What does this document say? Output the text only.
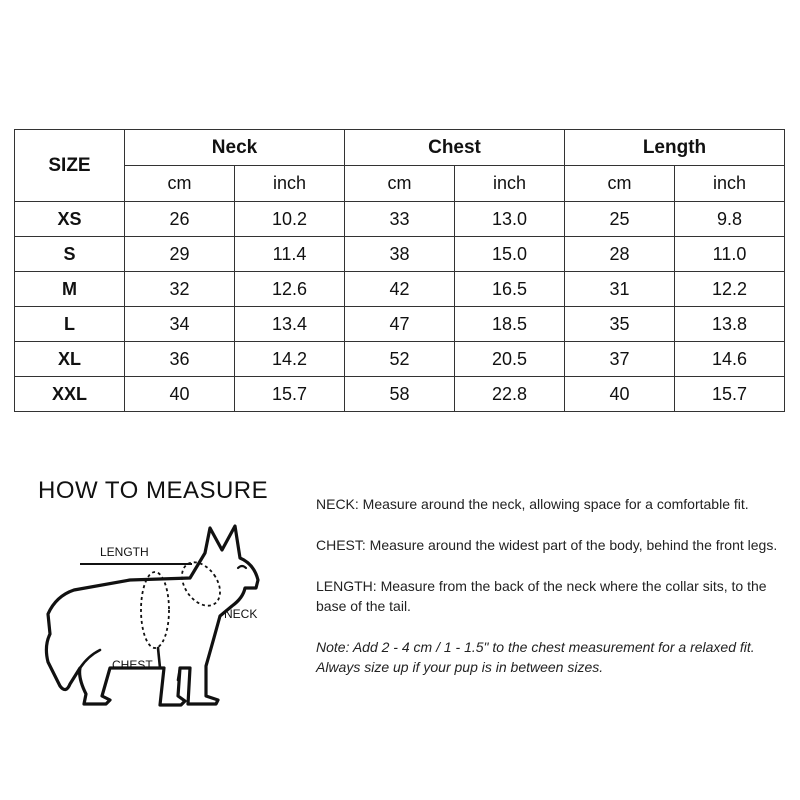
SIZE	Neck		Chest		Length	
	cm	inch	cm	inch	cm	inch
XS	26	10.2	33	13.0	25	9.8
S	29	11.4	38	15.0	28	11.0
M	32	12.6	42	16.5	31	12.2
L	34	13.4	47	18.5	35	13.8
XL	36	14.2	52	20.5	37	14.6
XXL	40	15.7	58	22.8	40	15.7
HOW TO MEASURE
LENGTH
NECK
CHEST

NECK: Measure around the neck, allowing space for a comfortable fit.

CHEST: Measure around the widest part of the body, behind the front legs.

LENGTH: Measure from the back of the neck where the collar sits, to the base of the tail.

Note: Add 2 - 4 cm / 1 - 1.5" to the chest measurement for a relaxed fit. Always size up if your pup is in between sizes.
